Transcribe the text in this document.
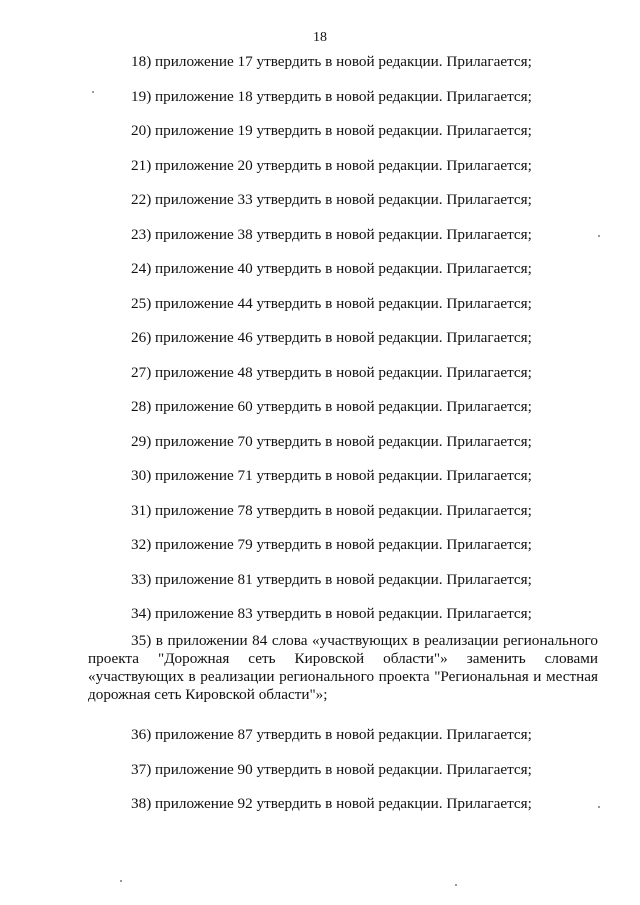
18
18) приложение 17 утвердить в новой редакции. Прилагается;
19) приложение 18 утвердить в новой редакции. Прилагается;
20) приложение 19 утвердить в новой редакции. Прилагается;
21) приложение 20 утвердить в новой редакции. Прилагается;
22) приложение 33 утвердить в новой редакции. Прилагается;
23) приложение 38 утвердить в новой редакции. Прилагается;
24) приложение 40 утвердить в новой редакции. Прилагается;
25) приложение 44 утвердить в новой редакции. Прилагается;
26) приложение 46 утвердить в новой редакции. Прилагается;
27) приложение 48 утвердить в новой редакции. Прилагается;
28) приложение 60 утвердить в новой редакции. Прилагается;
29) приложение 70 утвердить в новой редакции. Прилагается;
30) приложение 71 утвердить в новой редакции. Прилагается;
31) приложение 78 утвердить в новой редакции. Прилагается;
32) приложение 79 утвердить в новой редакции. Прилагается;
33) приложение 81 утвердить в новой редакции. Прилагается;
34) приложение 83 утвердить в новой редакции. Прилагается;
35) в приложении 84 слова «участвующих в реализации регионального проекта "Дорожная сеть Кировской области"» заменить словами «участвующих в реализации регионального проекта "Региональная и местная дорожная сеть Кировской области"»;
36) приложение 87 утвердить в новой редакции. Прилагается;
37) приложение 90 утвердить в новой редакции. Прилагается;
38) приложение 92 утвердить в новой редакции. Прилагается;
